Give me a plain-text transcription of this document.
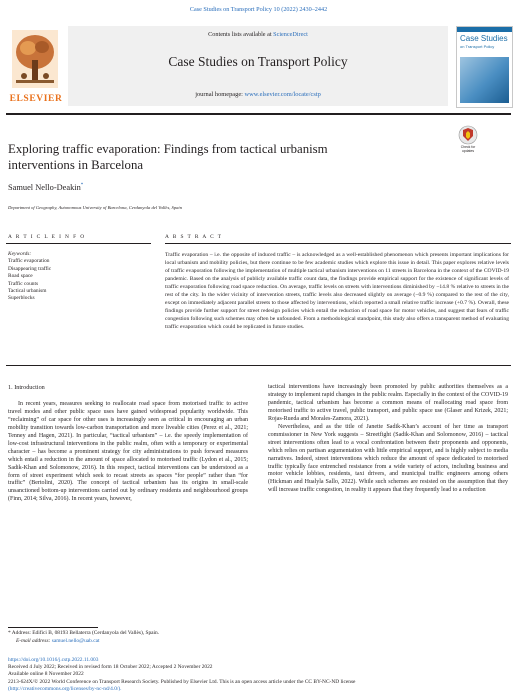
Case Studies on Transport Policy 10 (2022) 2430–2442
ELSEVIER
Contents lists available at ScienceDirect
Case Studies on Transport Policy
journal homepage: www.elsevier.com/locate/cstp
Case Studies
on Transport Policy
Exploring traffic evaporation: Findings from tactical urbanism
interventions in Barcelona
Check for
updates
Samuel Nello-Deakin*
Department of Geography, Autonomous University of Barcelona, Cerdanyola del Vallès, Spain
A R T I C L E I N F O	A B S T R A C T
Keywords:
Traffic evaporation
Disappearing traffic
Road space
Traffic counts
Tactical urbanism
Superblocks
Traffic evaporation – i.e. the opposite of induced traffic – is acknowledged as a well-established phenomenon which presents important implications for local urbanism and mobility policies, but there continue to be few academic studies which explore this issue in detail. This paper explores relative levels of traffic evaporation following the implementation of multiple tactical urbanism interventions on 11 streets in Barcelona in the context of the COVID-19 pandemic. Based on the analysis of publicly available traffic count data, the findings provide empirical support for the existence of significant levels of traffic evaporation following road space reduction. On average, traffic levels on streets with interventions diminished by −14.8 % relative to streets in the rest of the city. In the wider vicinity of intervention streets, traffic levels also decreased slightly on average (−0.9 %) compared to the rest of the city, except on immediately adjacent parallel streets to those affected by interventions, which reported a small relative traffic increase (+0.7 %). Overall, these findings provide further support for street redesign policies which entail the reduction of road space for motor vehicles, and suggest that fears of traffic congestion following such schemes may often be unfounded. From a methodological standpoint, this study also offers a transparent method of evaluating traffic evaporation which could be replicated in future studies.
1. Introduction

In recent years, measures seeking to reallocate road space from motorised traffic to active travel modes and other public space uses have gained widespread popularity worldwide. This “reclaiming” of car space for other uses is increasingly seen as critical in encouraging an urban mobility transition towards low-carbon transportation and more liveable cities (Perez et al., 2021; Tenney and Hagen, 2021). In particular, “tactical urbanism” – i.e. the speedy implementation of low-cost infrastructural interventions in the public realm, often with a temporary or experimental character – has become a prominent strategy for city administrations to push forward measures which entail a reduction in the amount of space allocated to motorised traffic (Lydon et al., 2015; Sadik-Khan and Solomonow, 2016). In this respect, tactical interventions can be understood as a form of street experiment which seek to recast streets as spaces “for people” rather than “for traffic” (Bertolini, 2020). The concept of tactical urbanism has its origins in small-scale unsanctioned bottom-up interventions carried out by ordinary residents and neighbourhood groups (Finn, 2014; Silva, 2016). In recent years, however,

tactical interventions have increasingly been promoted by public authorities themselves as a strategy to implement rapid changes in the public realm. Especially in the context of the COVID-19 pandemic, tactical urbanism has become a common means of reallocating road space from motorised traffic to active travel, public transport, and public space use (Glaser and Krizek, 2021; Rojas-Rueda and Morales-Zamora, 2021).

Nevertheless, and as the title of Janette Sadik-Khan’s account of her time as transport commissioner in New York suggests – Streetfight (Sadik-Khan and Solomonow, 2016) – tactical street interventions often lead to a vocal confrontation between their proponents and opponents, which relies on partisan argumentation with little empirical support, and is highly subject to media narratives. Indeed, street interventions which reduce the amount of space dedicated to motorised traffic typically face entrenched resistance from a wide variety of actors, including business and motor vehicle lobbies, residents, taxi drivers, and municipal traffic engineers among others (Hickman and Hualyla Sallo, 2022). While such schemes are resisted on the assumption that they will increase traffic congestion, in reality it appears that they frequently lead to a reduction

* Address: Edifici B, 08193 Bellaterra (Cerdanyola del Vallès), Spain.
E-mail address: samuel.nello@uab.cat
https://doi.org/10.1016/j.cstp.2022.11.003
Received 4 July 2022; Received in revised form 18 October 2022; Accepted 2 November 2022
Available online 8 November 2022
2213-624X/© 2022 World Conference on Transport Research Society. Published by Elsevier Ltd. This is an open access article under the CC BY-NC-ND license
(http://creativecommons.org/licenses/by-nc-nd/4.0/).
